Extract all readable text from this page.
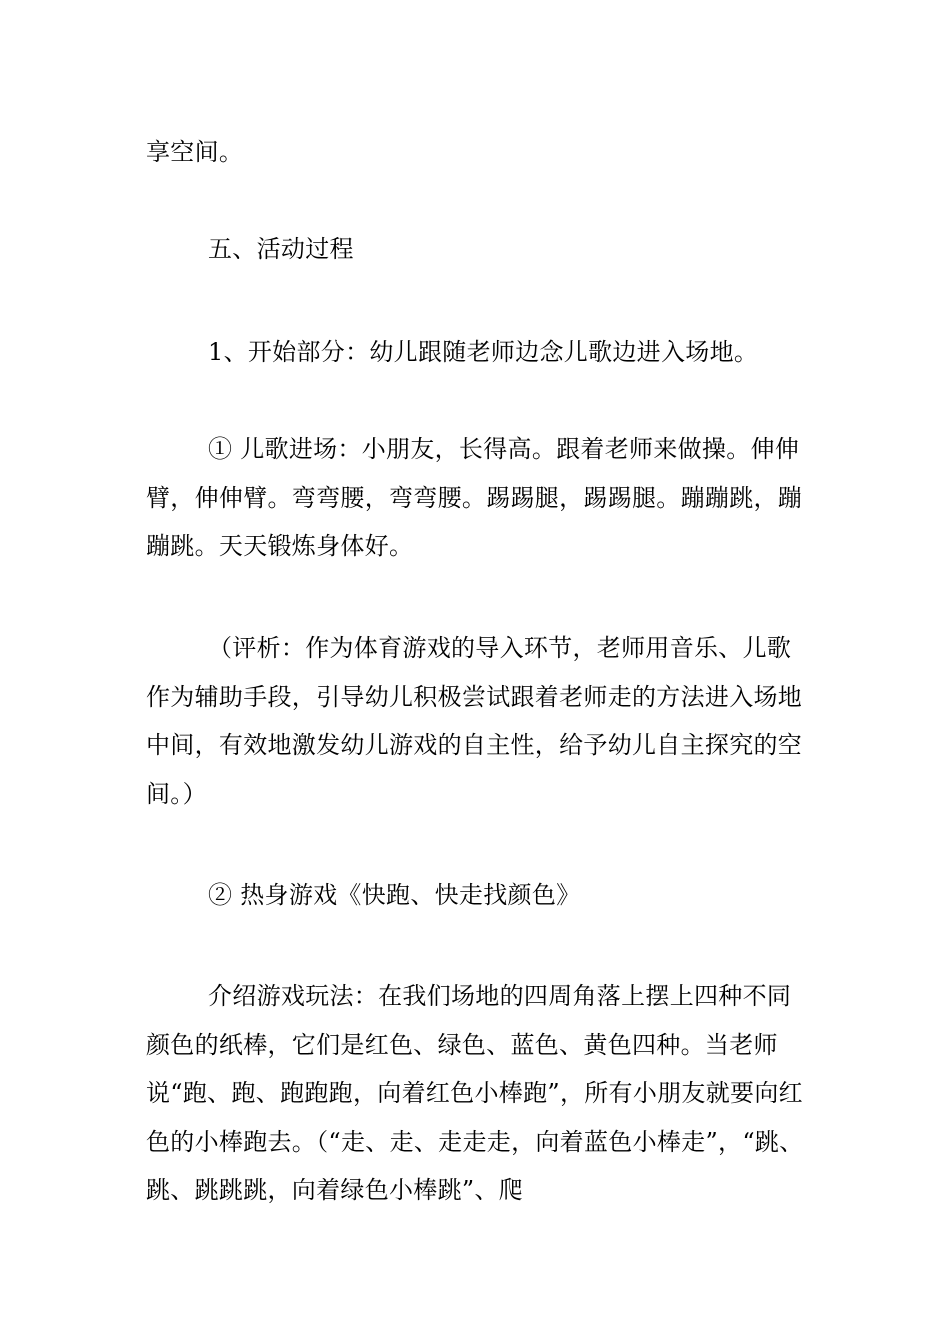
享空间。

五、活动过程

1、开始部分：幼儿跟随老师边念儿歌边进入场地。

① 儿歌进场：小朋友，长得高。跟着老师来做操。伸伸臂，伸伸臂。弯弯腰，弯弯腰。踢踢腿，踢踢腿。蹦蹦跳，蹦蹦跳。天天锻炼身体好。

（评析：作为体育游戏的导入环节，老师用音乐、儿歌作为辅助手段，引导幼儿积极尝试跟着老师走的方法进入场地中间，有效地激发幼儿游戏的自主性，给予幼儿自主探究的空间。）

② 热身游戏《快跑、快走找颜色》

介绍游戏玩法：在我们场地的四周角落上摆上四种不同颜色的纸棒，它们是红色、绿色、蓝色、黄色四种。当老师说“跑、跑、跑跑跑，向着红色小棒跑”，所有小朋友就要向红色的小棒跑去。（“走、走、走走走，向着蓝色小棒走”，“跳、跳、跳跳跳，向着绿色小棒跳”、爬
